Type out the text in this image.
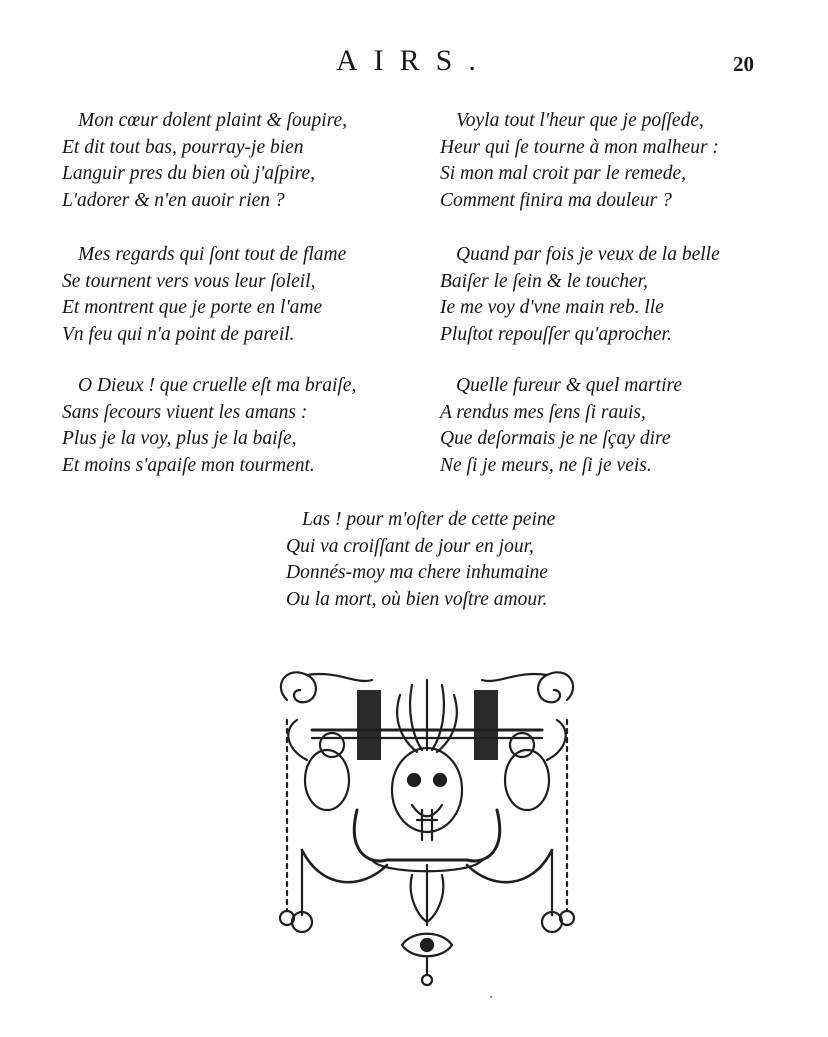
AIRS.	20
Mon cœur dolent plaint & ſoupire,
Et dit tout bas, pourray-je bien
Languir pres du bien où j'aſpire,
L'adorer & n'en auoir rien ?
Voyla tout l'heur que je poſſede,
Heur qui ſe tourne à mon malheur :
Si mon mal croit par le remede,
Comment finira ma douleur ?
Mes regards qui ſont tout de flame
Se tournent vers vous leur ſoleil,
Et montrent que je porte en l'ame
Vn feu qui n'a point de pareil.
Quand par fois je veux de la belle
Baiſer le ſein & le toucher,
Ie me voy d'vne main reb. lle
Pluſtot repouſſer qu'aprocher.
O Dieux ! que cruelle eſt ma braiſe,
Sans ſecours viuent les amans :
Plus je la voy, plus je la baiſe,
Et moins s'apaiſe mon tourment.
Quelle fureur & quel martire
A rendus mes ſens ſi rauis,
Que deſormais je ne ſçay dire
Ne ſi je meurs, ne ſi je veis.
Las ! pour m'oſter de cette peine
Qui va croiſſant de jour en jour,
Donnés-moy ma chere inhumaine
Ou la mort, où bien voſtre amour.
